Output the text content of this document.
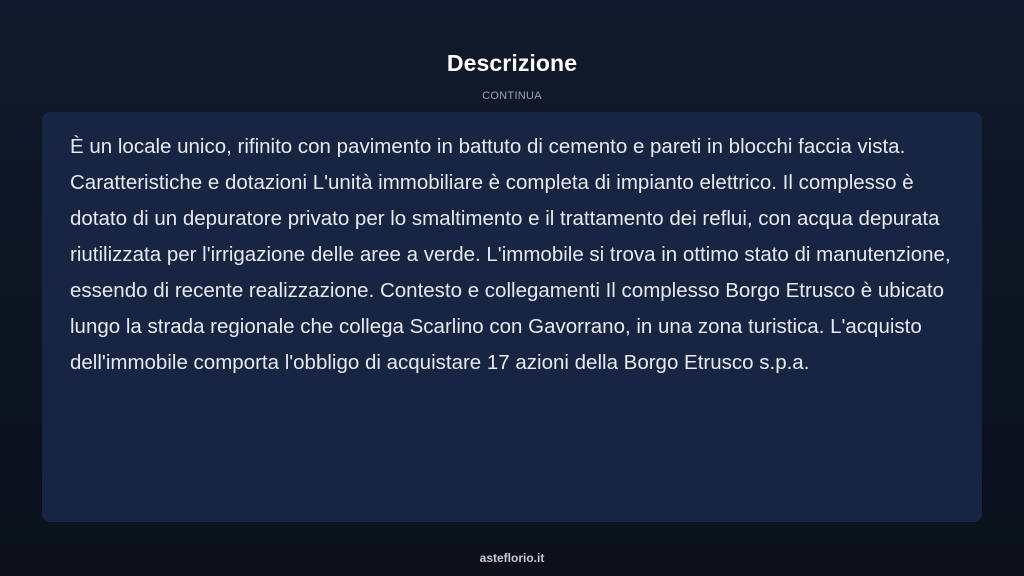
Descrizione
CONTINUA

È un locale unico, rifinito con pavimento in battuto di cemento e pareti in blocchi faccia vista. Caratteristiche e dotazioni L'unità immobiliare è completa di impianto elettrico. Il complesso è dotato di un depuratore privato per lo smaltimento e il trattamento dei reflui, con acqua depurata riutilizzata per l'irrigazione delle aree a verde. L'immobile si trova in ottimo stato di manutenzione, essendo di recente realizzazione. Contesto e collegamenti Il complesso Borgo Etrusco è ubicato lungo la strada regionale che collega Scarlino con Gavorrano, in una zona turistica. L'acquisto dell'immobile comporta l'obbligo di acquistare 17 azioni della Borgo Etrusco s.p.a.

asteflorio.it
